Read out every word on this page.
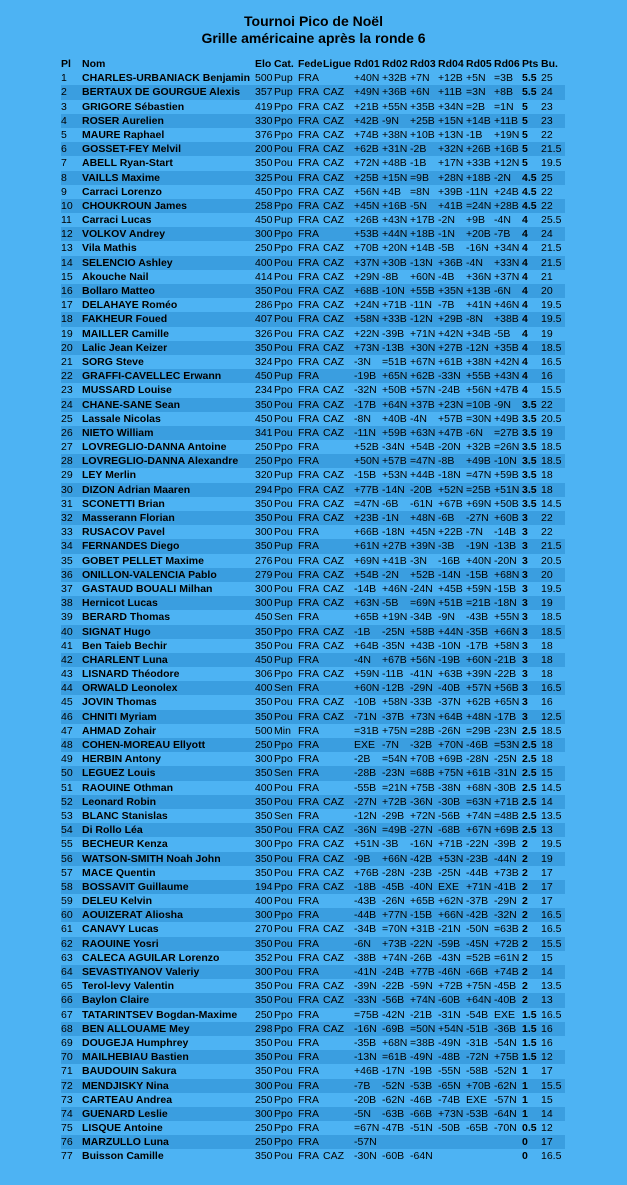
Tournoi Pico de Noël
Grille américaine après la ronde 6
Pl	Nom	Elo	Cat.	Fede	Ligue	Rd01	Rd02	Rd03	Rd04	Rd05	Rd06	Pts	Bu.
1	CHARLES-URBANIACK Benjamin	500	Pup	FRA		+40N	+32B	+7N	+12B	+5N	=3B	5.5	25
2	BERTAUX DE GOURGUE Alexis	357	Pup	FRA	CAZ	+49N	+36B	+6N	+11B	=3N	+8B	5.5	24
3	GRIGORE Sébastien	419	Ppo	FRA	CAZ	+21B	+55N	+35B	+34N	=2B	=1N	5	23
4	ROSER Aurelien	330	Ppo	FRA	CAZ	+42B	-9N	+25B	+15N	+14B	+11B	5	23
5	MAURE Raphael	376	Ppo	FRA	CAZ	+74B	+38N	+10B	+13N	-1B	+19N	5	22
6	GOSSET-FEY Melvil	200	Pou	FRA	CAZ	+62B	+31N	-2B	+32N	+26B	+16B	5	21.5
7	ABELL Ryan-Start	350	Pou	FRA	CAZ	+72N	+48B	-1B	+17N	+33B	+12N	5	19.5
8	VAILLS Maxime	325	Pou	FRA	CAZ	+25B	+15N	=9B	+28N	+18B	-2N	4.5	25
9	Carraci Lorenzo	450	Ppo	FRA	CAZ	+56N	+4B	=8N	+39B	-11N	+24B	4.5	22
10	CHOUKROUN James	258	Ppo	FRA	CAZ	+45N	+16B	-5N	+41B	=24N	+28B	4.5	22
11	Carraci Lucas	450	Pup	FRA	CAZ	+26B	+43N	+17B	-2N	+9B	-4N	4	25.5
12	VOLKOV Andrey	300	Ppo	FRA		+53B	+44N	+18B	-1N	+20B	-7B	4	24
13	Vila Mathis	250	Ppo	FRA	CAZ	+70B	+20N	+14B	-5B	-16N	+34N	4	21.5
14	SELENCIO Ashley	400	Pou	FRA	CAZ	+37N	+30B	-13N	+36B	-4N	+33N	4	21.5
15	Akouche Nail	414	Pou	FRA	CAZ	+29N	-8B	+60N	-4B	+36N	+37N	4	21
16	Bollaro Matteo	350	Pou	FRA	CAZ	+68B	-10N	+55B	+35N	+13B	-6N	4	20
17	DELAHAYE Roméo	286	Ppo	FRA	CAZ	+24N	+71B	-11N	-7B	+41N	+46N	4	19.5
18	FAKHEUR Foued	407	Pou	FRA	CAZ	+58N	+33B	-12N	+29B	-8N	+38B	4	19.5
19	MAILLER Camille	326	Pou	FRA	CAZ	+22N	-39B	+71N	+42N	+34B	-5B	4	19
20	Lalic Jean Keizer	350	Pou	FRA	CAZ	+73N	-13B	+30N	+27B	-12N	+35B	4	18.5
21	SORG Steve	324	Ppo	FRA	CAZ	-3N	=51B	+67N	+61B	+38N	+42N	4	16.5
22	GRAFFI-CAVELLEC Erwann	450	Pup	FRA		-19B	+65N	+62B	-33N	+55B	+43N	4	16
23	MUSSARD Louise	234	Ppo	FRA	CAZ	-32N	+50B	+57N	-24B	+56N	+47B	4	15.5
24	CHANE-SANE Sean	350	Pou	FRA	CAZ	-17B	+64N	+37B	+23N	=10B	-9N	3.5	22
25	Lassale Nicolas	450	Pou	FRA	CAZ	-8N	+40B	-4N	+57B	=30N	+49B	3.5	20.5
26	NIETO William	341	Pou	FRA	CAZ	-11N	+59B	+63N	+47B	-6N	=27B	3.5	19
27	LOVREGLIO-DANNA Antoine	250	Ppo	FRA		+52B	-34N	+54B	-20N	+32B	=26N	3.5	18.5
28	LOVREGLIO-DANNA Alexandre	250	Ppo	FRA		+50N	+57B	=47N	-8B	+49B	-10N	3.5	18.5
29	LEY Merlin	320	Pup	FRA	CAZ	-15B	+53N	+44B	-18N	=47N	+59B	3.5	18
30	DIZON Adrian Maaren	294	Ppo	FRA	CAZ	+77B	-14N	-20B	+52N	=25B	+51N	3.5	18
31	SCONETTI Brian	350	Pou	FRA	CAZ	=47N	-6B	-61N	+67B	+69N	+50B	3.5	14.5
32	Masserann Florian	350	Pou	FRA	CAZ	+23B	-1N	+48N	-6B	-27N	+60B	3	22
33	RUSACOV Pavel	300	Pou	FRA		+66B	-18N	+45N	+22B	-7N	-14B	3	22
34	FERNANDES Diego	350	Pup	FRA		+61N	+27B	+39N	-3B	-19N	-13B	3	21.5
35	GOBET PELLET Maxime	276	Pou	FRA	CAZ	+69N	+41B	-3N	-16B	+40N	-20N	3	20.5
36	ONILLON-VALENCIA Pablo	279	Pou	FRA	CAZ	+54B	-2N	+52B	-14N	-15B	+68N	3	20
37	GASTAUD BOUALI Milhan	300	Pou	FRA	CAZ	-14B	+46N	-24N	+45B	+59N	-15B	3	19.5
38	Hernicot Lucas	300	Pup	FRA	CAZ	+63N	-5B	=69N	+51B	=21B	-18N	3	19
39	BERARD Thomas	450	Sen	FRA		+65B	+19N	-34B	-9N	-43B	+55N	3	18.5
40	SIGNAT Hugo	350	Ppo	FRA	CAZ	-1B	-25N	+58B	+44N	-35B	+66N	3	18.5
41	Ben Taieb Bechir	350	Pou	FRA	CAZ	+64B	-35N	+43B	-10N	-17B	+58N	3	18
42	CHARLENT Luna	450	Pup	FRA		-4N	+67B	+56N	-19B	+60N	-21B	3	18
43	LISNARD Théodore	306	Ppo	FRA	CAZ	+59N	-11B	-41N	+63B	+39N	-22B	3	18
44	ORWALD Leonolex	400	Sen	FRA		+60N	-12B	-29N	-40B	+57N	+56B	3	16.5
45	JOVIN Thomas	350	Pou	FRA	CAZ	-10B	+58N	-33B	-37N	+62B	+65N	3	16
46	CHNITI Myriam	350	Pou	FRA	CAZ	-71N	-37B	+73N	+64B	+48N	-17B	3	12.5
47	AHMAD Zohair	500	Min	FRA		=31B	+75N	=28B	-26N	=29B	-23N	2.5	18.5
48	COHEN-MOREAU Ellyott	250	Ppo	FRA		EXE	-7N	-32B	+70N	-46B	=53N	2.5	18
49	HERBIN Antony	300	Ppo	FRA		-2B	=54N	+70B	+69B	-28N	-25N	2.5	18
50	LEGUEZ Louis	350	Sen	FRA		-28B	-23N	=68B	+75N	+61B	-31N	2.5	15
51	RAOUINE Othman	400	Pou	FRA		-55B	=21N	+75B	-38N	+68N	-30B	2.5	14.5
52	Leonard Robin	350	Pou	FRA	CAZ	-27N	+72B	-36N	-30B	=63N	+71B	2.5	14
53	BLANC Stanislas	350	Sen	FRA		-12N	-29B	+72N	-56B	+74N	=48B	2.5	13.5
54	Di Rollo Léa	350	Pou	FRA	CAZ	-36N	=49B	-27N	-68B	+67N	+69B	2.5	13
55	BECHEUR Kenza	300	Ppo	FRA	CAZ	+51N	-3B	-16N	+71B	-22N	-39B	2	19.5
56	WATSON-SMITH Noah John	350	Pou	FRA	CAZ	-9B	+66N	-42B	+53N	-23B	-44N	2	19
57	MACE Quentin	350	Pou	FRA	CAZ	+76B	-28N	-23B	-25N	-44B	+73B	2	17
58	BOSSAVIT Guillaume	194	Ppo	FRA	CAZ	-18B	-45B	-40N	EXE	+71N	-41B	2	17
59	DELEU Kelvin	400	Pou	FRA		-43B	-26N	+65B	+62N	-37B	-29N	2	17
60	AOUIZERAT Aliosha	300	Ppo	FRA		-44B	+77N	-15B	+66N	-42B	-32N	2	16.5
61	CANAVY Lucas	270	Pou	FRA	CAZ	-34B	=70N	+31B	-21N	-50N	=63B	2	16.5
62	RAOUINE Yosri	350	Pou	FRA		-6N	+73B	-22N	-59B	-45N	+72B	2	15.5
63	CALECA AGUILAR Lorenzo	352	Pou	FRA	CAZ	-38B	+74N	-26B	-43N	=52B	=61N	2	15
64	SEVASTIYANOV Valeriy	300	Pou	FRA		-41N	-24B	+77B	-46N	-66B	+74B	2	14
65	Terol-levy Valentin	350	Pou	FRA	CAZ	-39N	-22B	-59N	+72B	+75N	-45B	2	13.5
66	Baylon Claire	350	Pou	FRA	CAZ	-33N	-56B	+74N	-60B	+64N	-40B	2	13
67	TATARINTSEV Bogdan-Maxime	250	Ppo	FRA		=75B	-42N	-21B	-31N	-54B	EXE	1.5	16.5
68	BEN ALLOUAME Mey	298	Ppo	FRA	CAZ	-16N	-69B	=50N	+54N	-51B	-36B	1.5	16
69	DOUGEJA Humphrey	350	Pou	FRA		-35B	+68N	=38B	-49N	-31B	-54N	1.5	16
70	MAILHEBIAU Bastien	350	Pou	FRA		-13N	=61B	-49N	-48B	-72N	+75B	1.5	12
71	BAUDOUIN Sakura	350	Pou	FRA		+46B	-17N	-19B	-55N	-58B	-52N	1	17
72	MENDJISKY Nina	300	Pou	FRA		-7B	-52N	-53B	-65N	+70B	-62N	1	15.5
73	CARTEAU Andrea	250	Ppo	FRA		-20B	-62N	-46B	-74B	EXE	-57N	1	15
74	GUENARD Leslie	300	Ppo	FRA		-5N	-63B	-66B	+73N	-53B	-64N	1	14
75	LISQUE Antoine	250	Ppo	FRA		=67N	-47B	-51N	-50B	-65B	-70N	0.5	12
76	MARZULLO Luna	250	Ppo	FRA		-57N						0	17
77	Buisson Camille	350	Pou	FRA	CAZ	-30N	-60B	-64N				0	16.5
